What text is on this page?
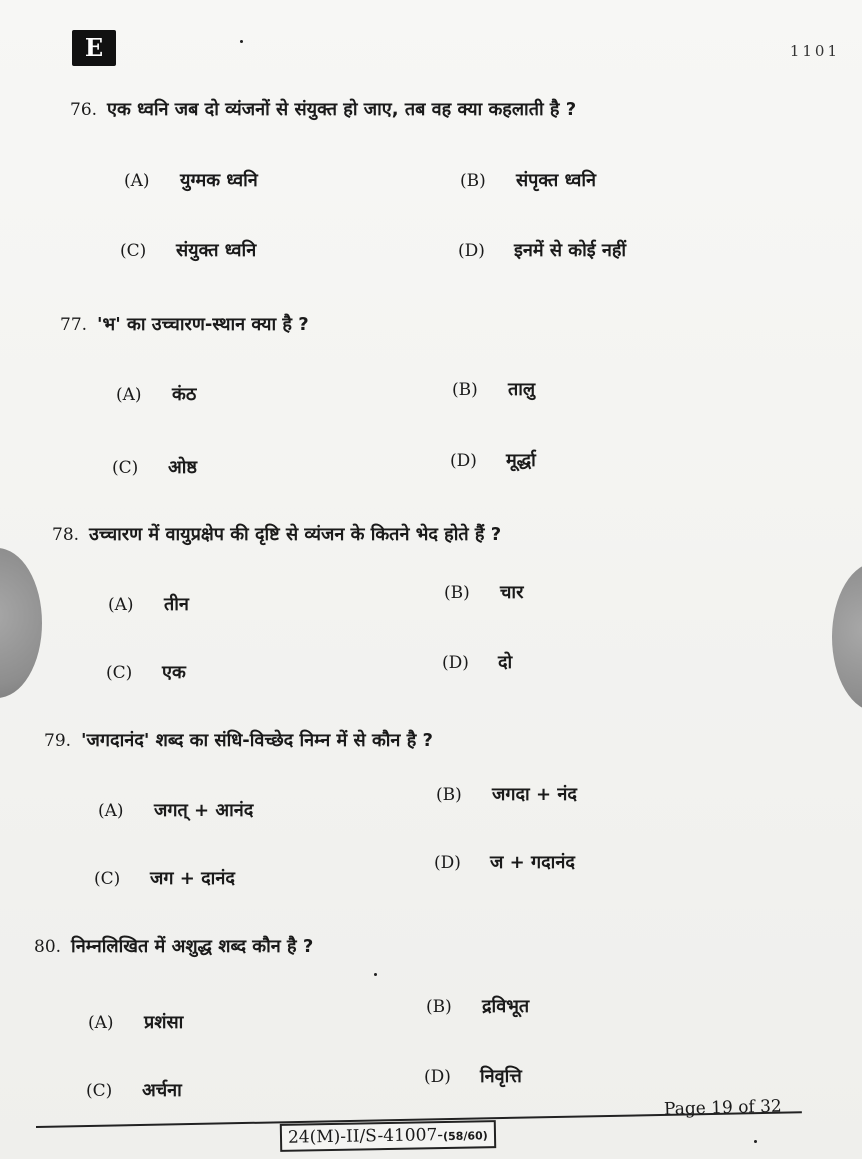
E	1101
76. एक ध्वनि जब दो व्यंजनों से संयुक्त हो जाए, तब वह क्या कहलाती है ?
(A) युग्मक ध्वनि	(B) संपृक्त ध्वनि
(C) संयुक्त ध्वनि	(D) इनमें से कोई नहीं
77. 'भ' का उच्चारण-स्थान क्या है ?
(A) कंठ	(B) तालु
(C) ओष्ठ	(D) मूर्द्धा
78. उच्चारण में वायुप्रक्षेप की दृष्टि से व्यंजन के कितने भेद होते हैं ?
(A) तीन
(B) चार
(C) एक	(D) दो
79. 'जगदानंद' शब्द का संधि-विच्छेद निम्न में से कौन है ?
(A) जगत् + आनंद
(B) जगदा + नंद
(C) जग + दानंद
(D) ज + गदानंद
80. निम्नलिखित में अशुद्ध शब्द कौन है ?
(A) प्रशंसा
(B) द्रविभूत
(C) अर्चना
(D) निवृत्ति
Page 19 of 32
24(M)-II/S-41007-(58/60)
